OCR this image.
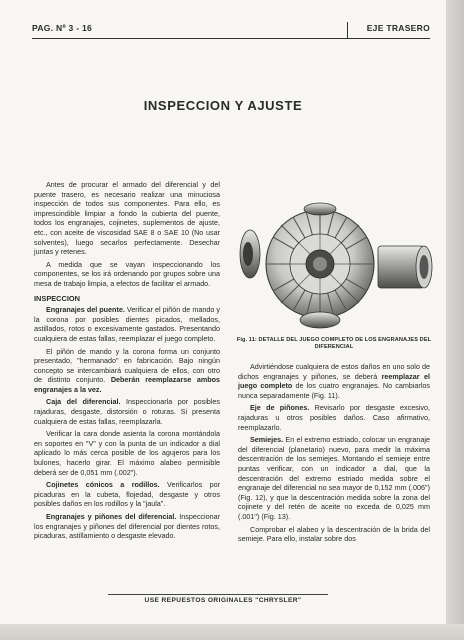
PAG. Nº 3 - 16	EJE TRASERO
INSPECCION Y AJUSTE

Antes de procurar el armado del diferencial y del puente trasero, es necesario realizar una minuciosa inspección de todos sus componentes. Para ello, es imprescindible limpiar a fondo la cubierta del puente, todos los engranajes, cojinetes, suplementos de ajuste, etc., con aceite de viscosidad SAE 8 o SAE 10 (No usar solventes), luego secarlos perfectamente. Desechar juntas y retenes.

A medida que se vayan inspeccionando los componentes, se los irá ordenando por grupos sobre una mesa de trabajo limpia, a efectos de facilitar el armado.

INSPECCION

Engranajes del puente. Verificar el piñón de mando y la corona por posibles dientes picados, mellados, astillados, rotos o excesivamente gastados. Presentando cualquiera de estas fallas, reemplazar el juego completo.

El piñón de mando y la corona forma un conjunto presentado, "hermanado" en fabricación. Bajo ningún concepto se intercambiará cualquiera de ellos, con otro de distinto conjunto. Deberán reemplazarse ambos engranajes a la vez.

Caja del diferencial. Inspeccionarla por posibles rajaduras, desgaste, distorsión o roturas. Si presenta cualquiera de estas fallas, reemplazarla.

Verificar la cara donde asienta la corona montándola en soportes en "V" y con la punta de un indicador a dial aplicado lo más cerca posible de los agujeros para los bulones, hacerlo girar. El máximo alabeo permisible deberá ser de 0,051 mm (.002").

Cojinetes cónicos a rodillos. Verificarlos por picaduras en la cubeta, flojedad, desgaste y otros posibles daños en los rodillos y la "jaula".

Engranajes y piñones del diferencial. Inspeccionar los engranajes y piñones del diferencial por dientes rotos, picaduras, astillamiento o desgaste elevado.

Fig. 11: DETALLE DEL JUEGO COMPLETO DE LOS ENGRANAJES DEL DIFERENCIAL

Advirtiéndose cualquiera de estos daños en uno solo de dichos engranajes y piñones, se deberá reemplazar el juego completo de los cuatro engranajes. No cambiarlos nunca separadamente (Fig. 11).

Eje de piñones. Revisarlo por desgaste excesivo, rajaduras u otros posibles daños. Caso afirmativo, reemplazarlo.

Semiejes. En el extremo estriado, colocar un engranaje del diferencial (planetario) nuevo, para medir la máxima descentración de los semiejes. Montando el semieje entre puntas verificar, con un indicador a dial, que la descentración del extremo estriado medida sobre el engranaje del diferencial no sea mayor de 0,152 mm (.006") (Fig. 12), y que la descentración medida sobre la zona del cojinete y del retén de aceite no exceda de 0,025 mm (.001") (Fig. 13).

Comprobar el alabeo y la descentración de la brida del semieje. Para ello, instalar sobre dos

USE REPUESTOS ORIGINALES "CHRYSLER"
